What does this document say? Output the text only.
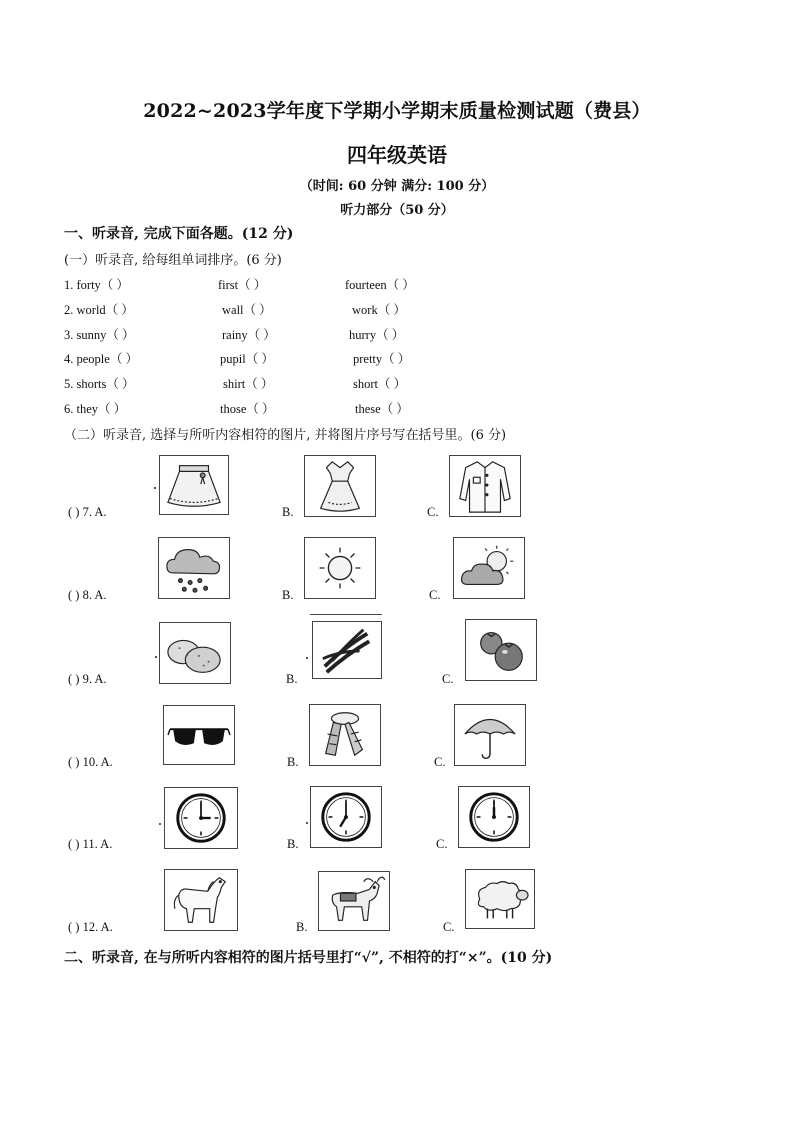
2022~2023学年度下学期小学期末质量检测试题（费县）
四年级英语
（时间: 60 分钟 满分: 100 分）
听力部分（50 分）
一、听录音, 完成下面各题。(12 分)
(一）听录音, 给每组单词排序。(6 分)
1. forty（ ）	first（ ）	fourteen（ ）
2. world（ ）	wall（ ）	work（ ）
3. sunny（ ）	rainy（ ）	hurry（ ）
4. people（ ）	pupil（ ）	pretty（ ）
5. shorts（ ）	shirt（ ）	short（ ）
6. they（ ）	those（ ）	these（ ）
（二）听录音, 选择与所听内容相符的图片, 并将图片序号写在括号里。(6 分)
( ) 7. A.	B.	C.
( ) 8. A.	B.	C.
( ) 9. A.	B.	C.
( ) 10. A.	B.	C.
( ) 11. A.	B.	C.
( ) 12. A.	B.	C.
二、听录音, 在与所听内容相符的图片括号里打“√”, 不相符的打“×”。(10 分)
